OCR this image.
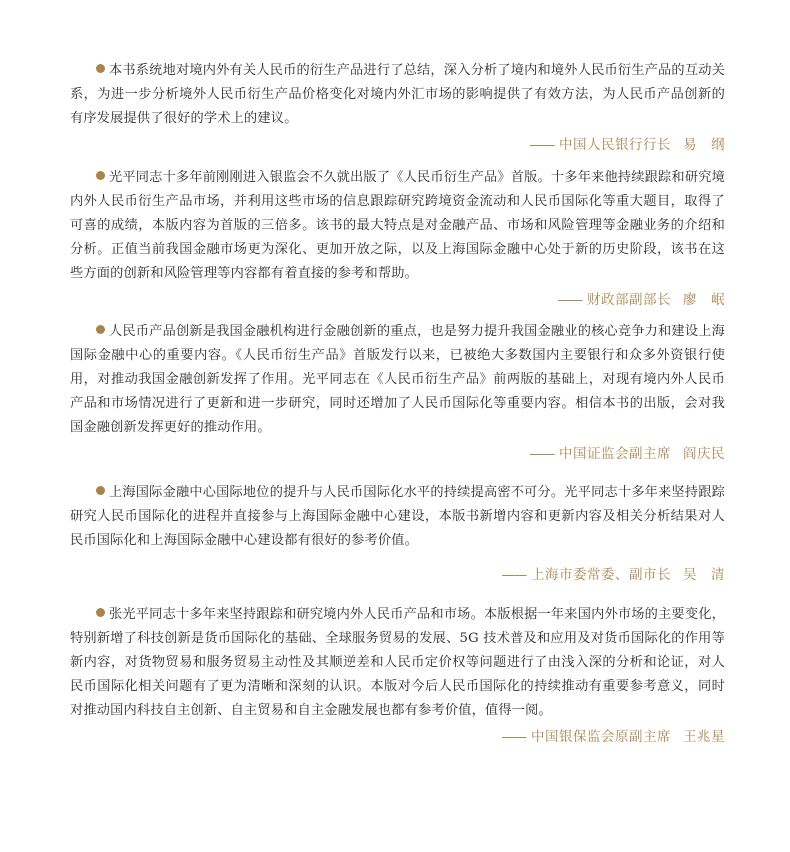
本书系统地对境内外有关人民币的衍生产品进行了总结，深入分析了境内和境外人民币衍生产品的互动关系，为进一步分析境外人民币衍生产品价格变化对境内外汇市场的影响提供了有效方法，为人民币产品创新的有序发展提供了很好的学术上的建议。

—— 中国人民银行行长 易　纲

光平同志十多年前刚刚进入银监会不久就出版了《人民币衍生产品》首版。十多年来他持续跟踪和研究境内外人民币衍生产品市场，并利用这些市场的信息跟踪研究跨境资金流动和人民币国际化等重大题目，取得了可喜的成绩，本版内容为首版的三倍多。该书的最大特点是对金融产品、市场和风险管理等金融业务的介绍和分析。正值当前我国金融市场更为深化、更加开放之际，以及上海国际金融中心处于新的历史阶段，该书在这些方面的创新和风险管理等内容都有着直接的参考和帮助。

—— 财政部副部长 廖　岷

人民币产品创新是我国金融机构进行金融创新的重点，也是努力提升我国金融业的核心竞争力和建设上海国际金融中心的重要内容。《人民币衍生产品》首版发行以来，已被绝大多数国内主要银行和众多外资银行使用，对推动我国金融创新发挥了作用。光平同志在《人民币衍生产品》前两版的基础上，对现有境内外人民币产品和市场情况进行了更新和进一步研究，同时还增加了人民币国际化等重要内容。相信本书的出版，会对我国金融创新发挥更好的推动作用。

—— 中国证监会副主席 阎庆民

上海国际金融中心国际地位的提升与人民币国际化水平的持续提高密不可分。光平同志十多年来坚持跟踪研究人民币国际化的进程并直接参与上海国际金融中心建设，本版书新增内容和更新内容及相关分析结果对人民币国际化和上海国际金融中心建设都有很好的参考价值。

—— 上海市委常委、副市长 吴　清

张光平同志十多年来坚持跟踪和研究境内外人民币产品和市场。本版根据一年来国内外市场的主要变化，特别新增了科技创新是货币国际化的基础、全球服务贸易的发展、5G 技术普及和应用及对货币国际化的作用等新内容，对货物贸易和服务贸易主动性及其顺逆差和人民币定价权等问题进行了由浅入深的分析和论证，对人民币国际化相关问题有了更为清晰和深刻的认识。本版对今后人民币国际化的持续推动有重要参考意义，同时对推动国内科技自主创新、自主贸易和自主金融发展也都有参考价值，值得一阅。

—— 中国银保监会原副主席 王兆星
